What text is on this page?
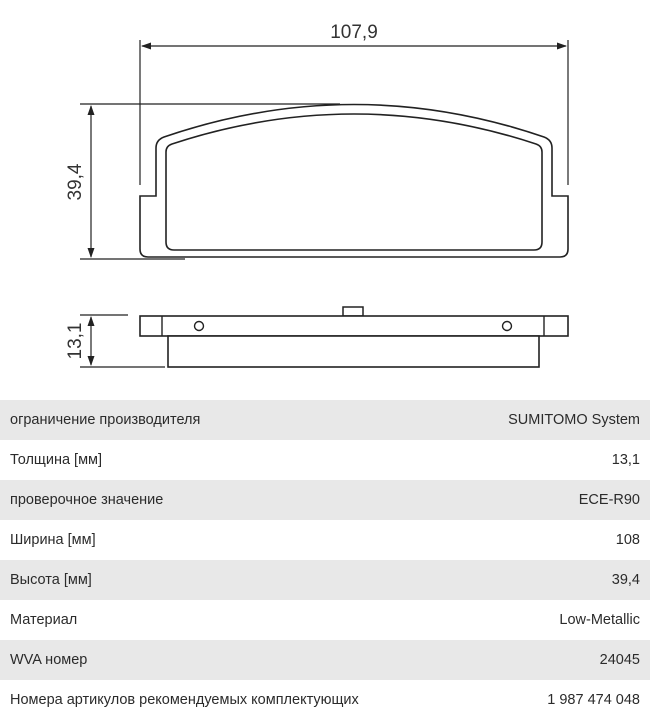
107,9
39,4
13,1
ограничение производителя	SUMITOMO System
Толщина [мм]	13,1
проверочное значение	ECE-R90
Ширина [мм]	108
Высота [мм]	39,4
Материал	Low-Metallic
WVA номер	24045
Номера артикулов рекомендуемых комплектующих	1 987 474 048
